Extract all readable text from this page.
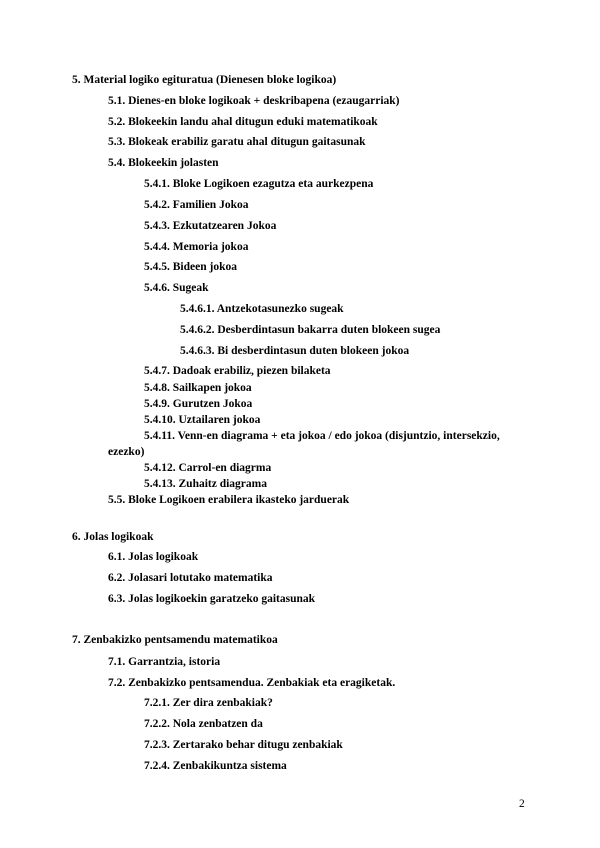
5. Material logiko egituratua (Dienesen bloke logikoa)
5.1. Dienes-en bloke logikoak + deskribapena (ezaugarriak)
5.2. Blokeekin landu ahal ditugun eduki matematikoak
5.3. Blokeak erabiliz garatu ahal ditugun gaitasunak
5.4. Blokeekin jolasten
5.4.1. Bloke Logikoen ezagutza eta aurkezpena
5.4.2. Familien Jokoa
5.4.3. Ezkutatzearen Jokoa
5.4.4. Memoria jokoa
5.4.5. Bideen jokoa
5.4.6. Sugeak
5.4.6.1. Antzekotasunezko sugeak
5.4.6.2. Desberdintasun bakarra duten blokeen sugea
5.4.6.3. Bi desberdintasun duten blokeen jokoa
5.4.7. Dadoak erabiliz, piezen bilaketa
5.4.8. Sailkapen jokoa
5.4.9. Gurutzen Jokoa
5.4.10. Uztailaren jokoa
5.4.11. Venn-en diagrama + eta jokoa / edo jokoa (disjuntzio, intersekzio,
ezezko)
5.4.12. Carrol-en diagrma
5.4.13. Zuhaitz diagrama
5.5. Bloke Logikoen erabilera ikasteko jarduerak
6. Jolas logikoak
6.1. Jolas logikoak
6.2. Jolasari lotutako matematika
6.3. Jolas logikoekin garatzeko gaitasunak
7. Zenbakizko pentsamendu matematikoa
7.1. Garrantzia, istoria
7.2. Zenbakizko pentsamendua. Zenbakiak eta eragiketak.
7.2.1. Zer dira zenbakiak?
7.2.2. Nola zenbatzen da
7.2.3. Zertarako behar ditugu zenbakiak
7.2.4. Zenbakikuntza sistema
2
